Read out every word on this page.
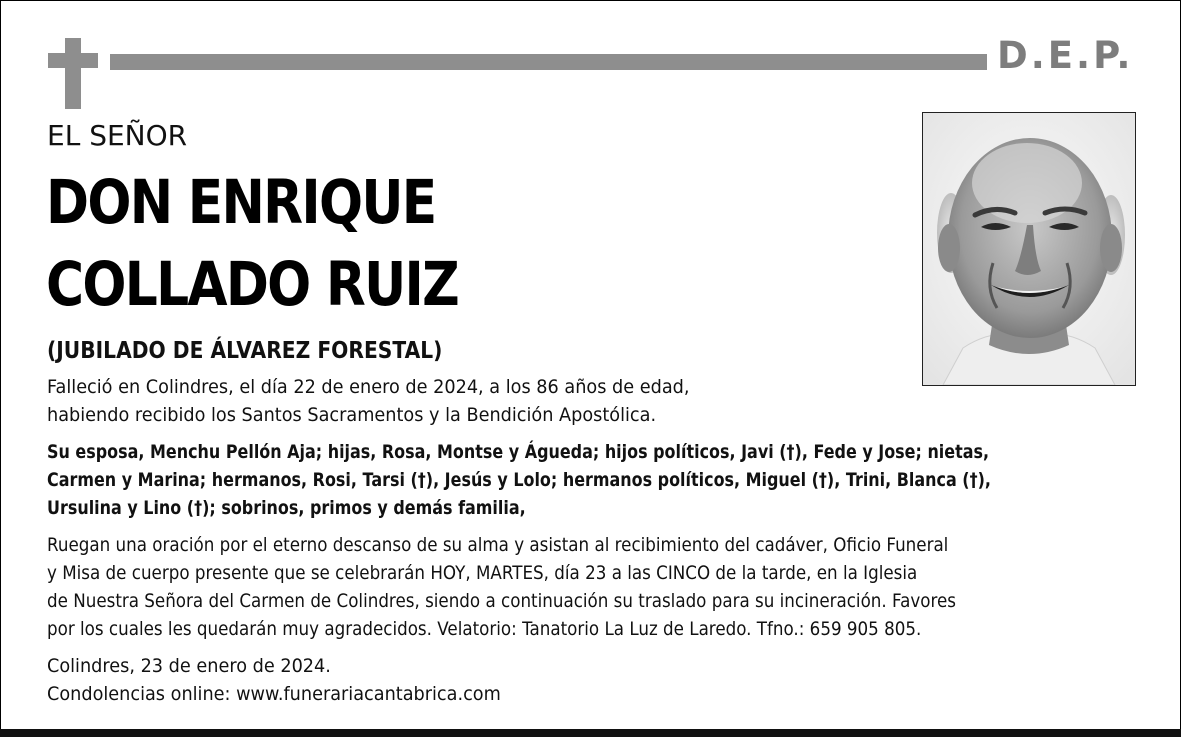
D.E.P.
EL SEÑOR
DON ENRIQUE
COLLADO RUIZ
(JUBILADO DE ÁLVAREZ FORESTAL)
Falleció en Colindres, el día 22 de enero de 2024, a los 86 años de edad,
habiendo recibido los Santos Sacramentos y la Bendición Apostólica.
Su esposa, Menchu Pellón Aja; hijas, Rosa, Montse y Águeda; hijos políticos, Javi (†), Fede y Jose; nietas,
Carmen y Marina; hermanos, Rosi, Tarsi (†), Jesús y Lolo; hermanos políticos, Miguel (†), Trini, Blanca (†),
Ursulina y Lino (†); sobrinos, primos y demás familia,
Ruegan una oración por el eterno descanso de su alma y asistan al recibimiento del cadáver, Oficio Funeral
y Misa de cuerpo presente que se celebrarán HOY, MARTES, día 23 a las CINCO de la tarde, en la Iglesia
de Nuestra Señora del Carmen de Colindres, siendo a continuación su traslado para su incineración. Favores
por los cuales les quedarán muy agradecidos. Velatorio: Tanatorio La Luz de Laredo. Tfno.: 659 905 805.
Colindres, 23 de enero de 2024.
Condolencias online: www.funerariacantabrica.com
